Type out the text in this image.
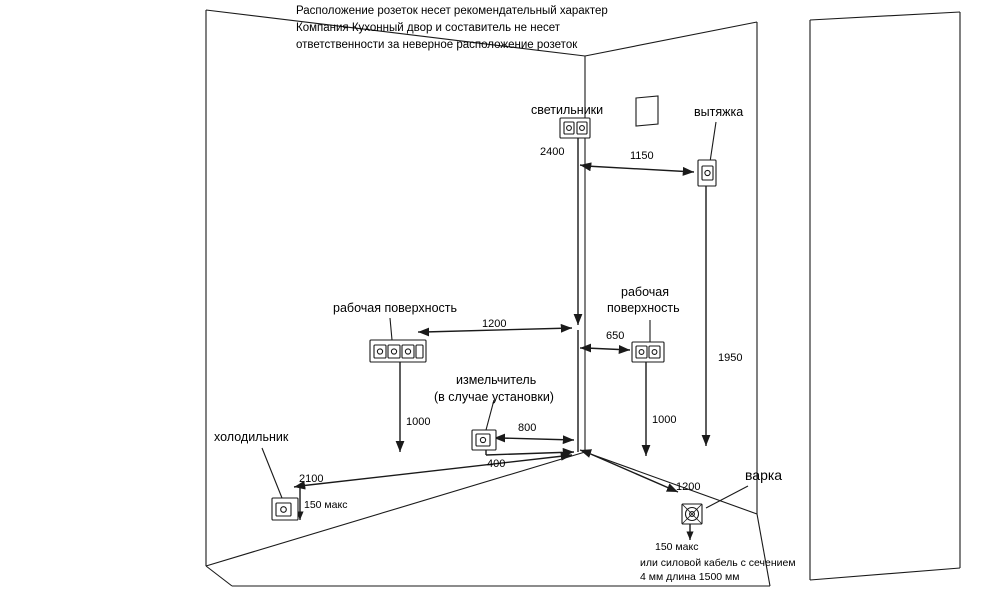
Расположение розеток несет рекомендательный характер
Компания Кухонный двор и составитель не несет
ответственности за неверное расположение розеток
светильники	вытяжка
рабочая поверхность
рабочая
поверхность
измельчитель
(в случае установки)
холодильник
варка
2400	1150
1950
1200
650
1000	1000
800
400
2100
150 макс
1200
150 макс
или силовой кабель с сечением
4 мм длина 1500 мм
